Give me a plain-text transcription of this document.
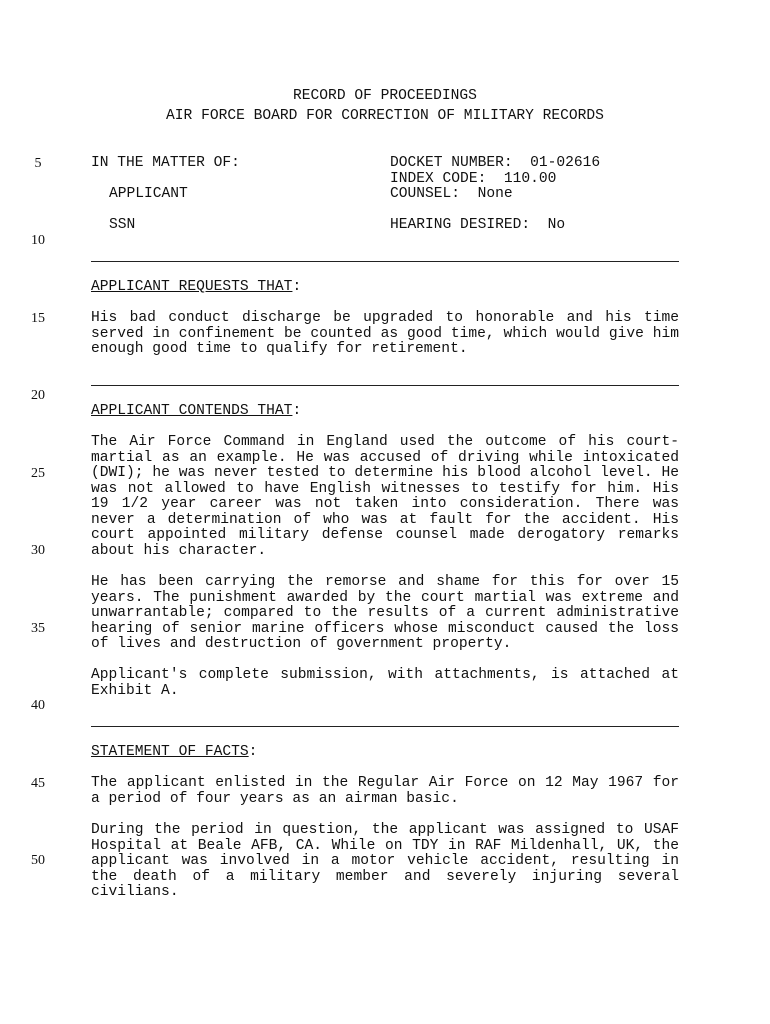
RECORD OF PROCEEDINGS
AIR FORCE BOARD FOR CORRECTION OF MILITARY RECORDS
5
10
15
20
25
30
35
40
45
50
IN THE MATTER OF:
APPLICANT
SSN
DOCKET NUMBER:  01-02616
INDEX CODE:  110.00
COUNSEL:  None
HEARING DESIRED:  No
APPLICANT REQUESTS THAT:
His bad conduct discharge be upgraded to honorable and his time served in confinement be counted as good time, which would give him enough good time to qualify for retirement.
APPLICANT CONTENDS THAT:
The Air Force Command in England used the outcome of his court-martial as an example. He was accused of driving while intoxicated (DWI); he was never tested to determine his blood alcohol level. He was not allowed to have English witnesses to testify for him. His 19 1/2 year career was not taken into consideration. There was never a determination of who was at fault for the accident. His court appointed military defense counsel made derogatory remarks about his character.
He has been carrying the remorse and shame for this for over 15 years. The punishment awarded by the court martial was extreme and unwarrantable; compared to the results of a current administrative hearing of senior marine officers whose misconduct caused the loss of lives and destruction of government property.
Applicant's complete submission, with attachments, is attached at Exhibit A.
STATEMENT OF FACTS:
The applicant enlisted in the Regular Air Force on 12 May 1967 for a period of four years as an airman basic.
During the period in question, the applicant was assigned to USAF Hospital at Beale AFB, CA. While on TDY in RAF Mildenhall, UK, the applicant was involved in a motor vehicle accident, resulting in the death of a military member and severely injuring several civilians.
